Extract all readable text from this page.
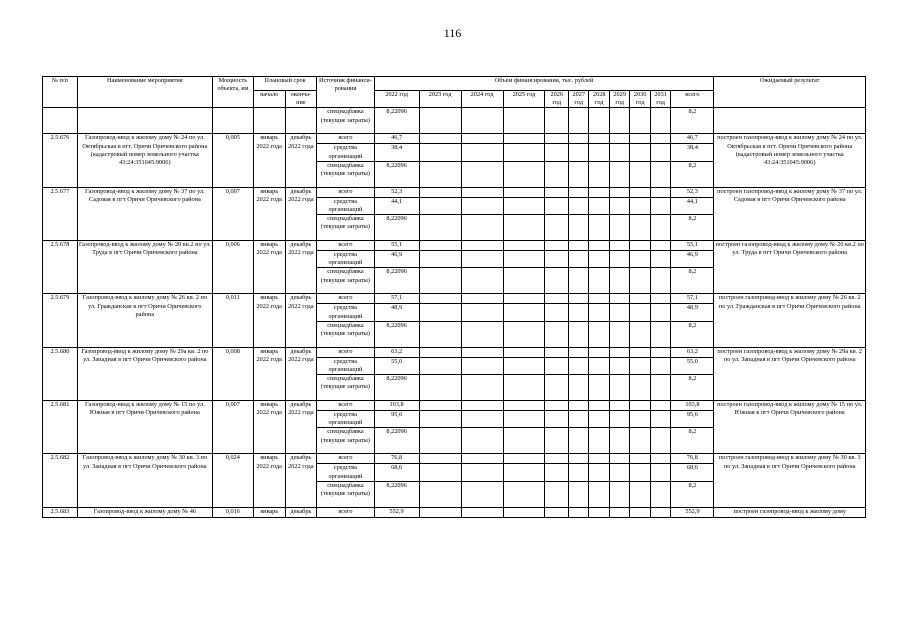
116
№ п/п	Наименование мероприятия	Мощность объекта, км	Плановый срок		Источник финанси-рования	Объем финансирования, тыс. рублей											Ожидаемый результат
			начало	оконча-ние		2022 год	2023 год	2024 год	2025 год	2026 год	2027 год	2028 год	2029 год	2030 год	2031 год	всего	
					спецнадбавка (текущие затраты)	8,22096										8,2	
2.5.676	Газопровод-ввод к жилому дому № 24 по ул. Октябрьская в пгт. Оричи Оричевского района (кадастровый номер земельного участка 43:24:351045:9006)	0,005	январь 2022 года	декабрь 2022 года	всего	46,7										46,7	построен газопровод-ввод к жилому дому № 24 по ул. Октябрьская в пгт. Оричи Оричевского района (кадастровый номер земельного участка 43:24:351045:9006)
					средства организаций	38,4										38,4	
					спецнадбавка (текущие затраты)	8,22096										8,2	
2.5.677	Газопровод-ввод к жилому дому № 37 по ул. Садовая в пгт Оричи Оричевского района	0,007	январь 2022 года	декабрь 2022 года	всего	52,3										52,3	построен газопровод-ввод к жилому дому № 37 по ул. Садовая в пгт Оричи Оричевского района
					средства организаций	44,1										44,1	
					спецнадбавка (текущие затраты)	8,22096										8,2	
2.5.678	Газопровод-ввод к жилому дому № 20 кв.2 по ул. Труда в пгт Оричи Оричевского района	0,006	январь 2022 года	декабрь 2022 года	всего	55,1										55,1	построен газопровод-ввод к жилому дому № 20 кв.2 по ул. Труда в пгт Оричи Оричевского района
					средства организаций	46,9										46,9	
					спецнадбавка (текущие затраты)	8,22096										8,2	
2.5.679	Газопровод-ввод к жилому дому № 26 кв. 2 по ул. Гражданская в пгт Оричи Оричевского района	0,011	январь 2022 года	декабрь 2022 года	всего	57,1										57,1	построен газопровод-ввод к жилому дому № 26 кв. 2 по ул. Гражданская в пгт Оричи Оричевского района
					средства организаций	48,9										48,9	
					спецнадбавка (текущие затраты)	8,22096										8,2	
2.5.680	Газопровод-ввод к жилому дому № 29а кв. 2 по ул. Западная в пгт Оричи Оричевского района	0,008	январь 2022 года	декабрь 2022 года	всего	63,2										63,2	построен газопровод-ввод к жилому дому № 29а кв. 2 по ул. Западная в пгт Оричи Оричевского района
					средства организаций	55,0										55,0	
					спецнадбавка (текущие затраты)	8,22096										8,2	
2.5.681	Газопровод-ввод к жилому дому № 15 по ул. Южная в пгт Оричи Оричевского района	0,007	январь 2022 года	декабрь 2022 года	всего	103,8										103,8	построен газопровод-ввод к жилому дому № 15 по ул. Южная в пгт Оричи Оричевского района
					средства организаций	95,6										95,6	
					спецнадбавка (текущие затраты)	8,22096										8,2	
2.5.682	Газопровод-ввод к жилому дому № 30 кв. 3 по ул. Западная в пгт Оричи Оричевского района	0,024	январь 2022 года	декабрь 2022 года	всего	76,8										76,8	построен газопровод-ввод к жилому дому № 30 кв. 3 по ул. Западная в пгт Оричи Оричевского района
					средства организаций	68,6										68,6	
					спецнадбавка (текущие затраты)	8,22096										8,2	
2.5.683	Газопровод-ввод к жилому дому № 46	0,016	январь	декабрь	всего	552,9										552,9	построен газопровод-ввод к жилому дому
